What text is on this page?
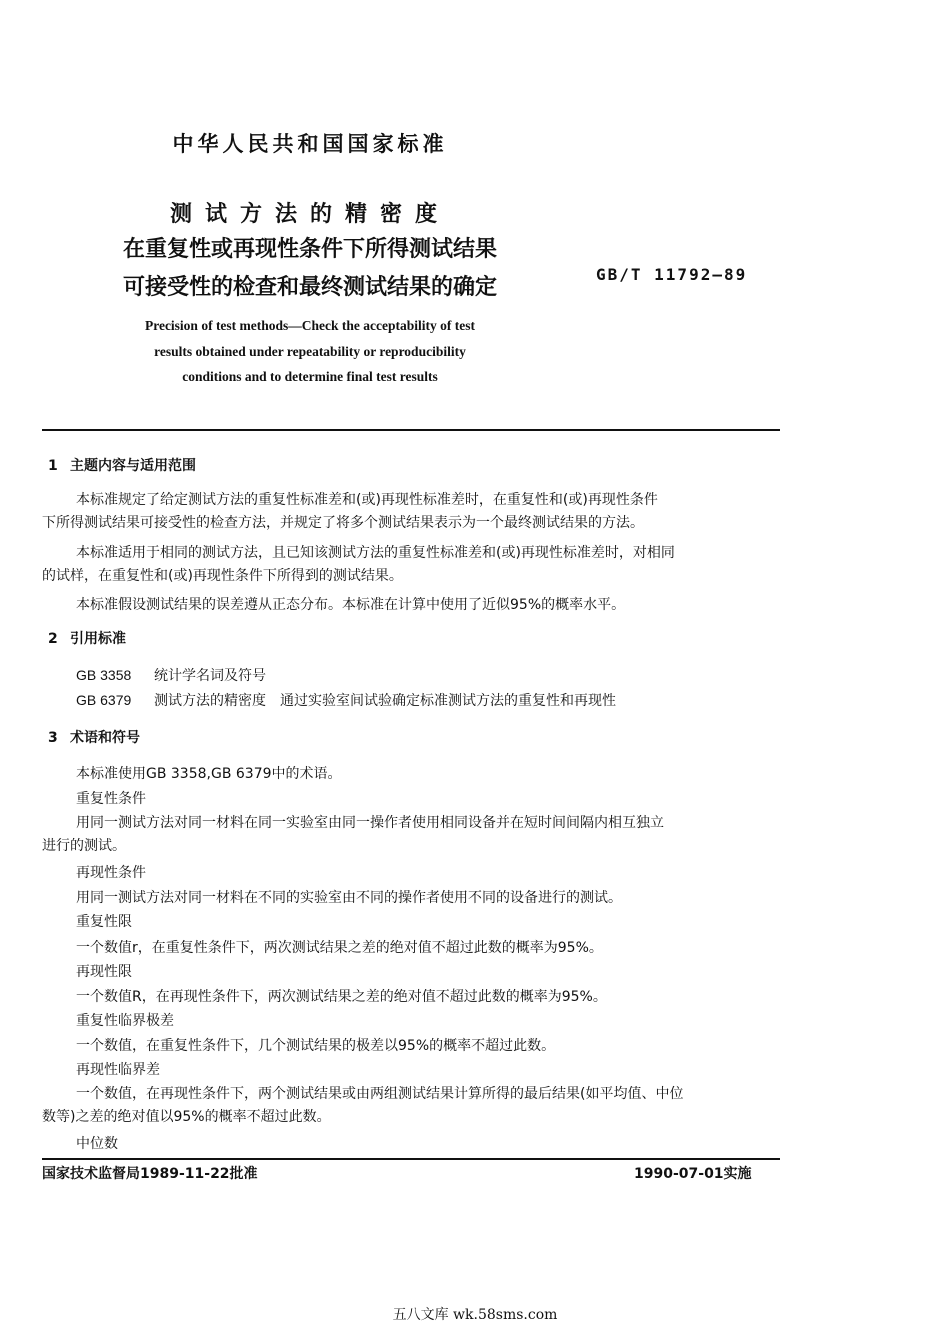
中华人民共和国国家标准
测试方法的精密度
在重复性或再现性条件下所得测试结果
可接受性的检查和最终测试结果的确定
GB/T 11792—89
Precision of test methods—Check the acceptability of test
results obtained under repeatability or reproducibility
conditions and to determine final test results
1 主题内容与适用范围
本标准规定了给定测试方法的重复性标准差和(或)再现性标准差时，在重复性和(或)再现性条件
下所得测试结果可接受性的检查方法，并规定了将多个测试结果表示为一个最终测试结果的方法。
本标准适用于相同的测试方法，且已知该测试方法的重复性标准差和(或)再现性标准差时，对相同
的试样，在重复性和(或)再现性条件下所得到的测试结果。
本标准假设测试结果的误差遵从正态分布。本标准在计算中使用了近似95%的概率水平。
2 引用标准
GB 3358 统计学名词及符号
GB 6379 测试方法的精密度　通过实验室间试验确定标准测试方法的重复性和再现性
3 术语和符号
本标准使用GB 3358,GB 6379中的术语。
重复性条件
用同一测试方法对同一材料在同一实验室由同一操作者使用相同设备并在短时间间隔内相互独立
进行的测试。
再现性条件
用同一测试方法对同一材料在不同的实验室由不同的操作者使用不同的设备进行的测试。
重复性限
一个数值r，在重复性条件下，两次测试结果之差的绝对值不超过此数的概率为95%。
再现性限
一个数值R，在再现性条件下，两次测试结果之差的绝对值不超过此数的概率为95%。
重复性临界极差
一个数值，在重复性条件下，几个测试结果的极差以95%的概率不超过此数。
再现性临界差
一个数值，在再现性条件下，两个测试结果或由两组测试结果计算所得的最后结果(如平均值、中位
数等)之差的绝对值以95%的概率不超过此数。
中位数
国家技术监督局1989-11-22批准	1990-07-01实施
五八文库 wk.58sms.com
